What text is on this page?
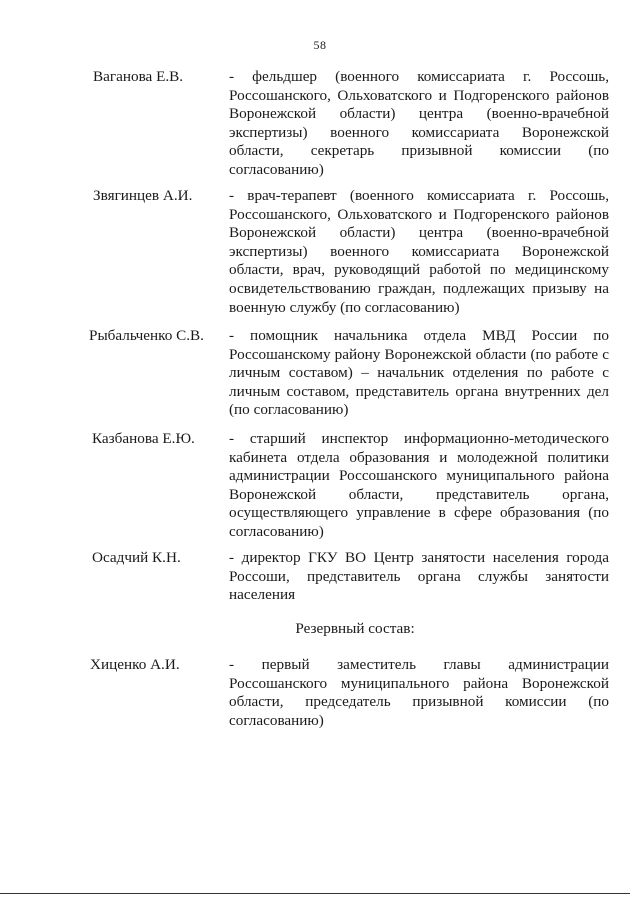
58
Ваганова Е.В.	- фельдшер (военного комиссариата г. Россошь, Россошанского, Ольховатского и Подгоренского районов Воронежской области) центра (военно-врачебной экспертизы) военного комиссариата Воронежской области, секретарь призывной комиссии (по согласованию)
Звягинцев А.И. - врач-терапевт (военного комиссариата г. Россошь, Россошанского, Ольховатского и Подгоренского районов Воронежской области) центра (военно-врачебной экспертизы) военного комиссариата Воронежской области, врач, руководящий работой по медицинскому освидетельствованию граждан, подлежащих призыву на военную службу (по согласованию)
Рыбальченко С.В. - помощник начальника отдела МВД России по Россошанскому району Воронежской области (по работе с личным составом) – начальник отделения по работе с личным составом, представитель органа внутренних дел (по согласованию)
Казбанова Е.Ю. - старший инспектор информационно-методического кабинета отдела образования и молодежной политики администрации Россошанского муниципального района Воронежской области, представитель органа, осуществляющего управление в сфере образования (по согласованию)
Осадчий К.Н.	- директор ГКУ ВО Центр занятости населения города Россоши, представитель органа службы занятости населения
Резервный состав:
Хиценко А.И.	- первый заместитель главы администрации Россошанского муниципального района Воронежской области, председатель призывной комиссии (по согласованию)
